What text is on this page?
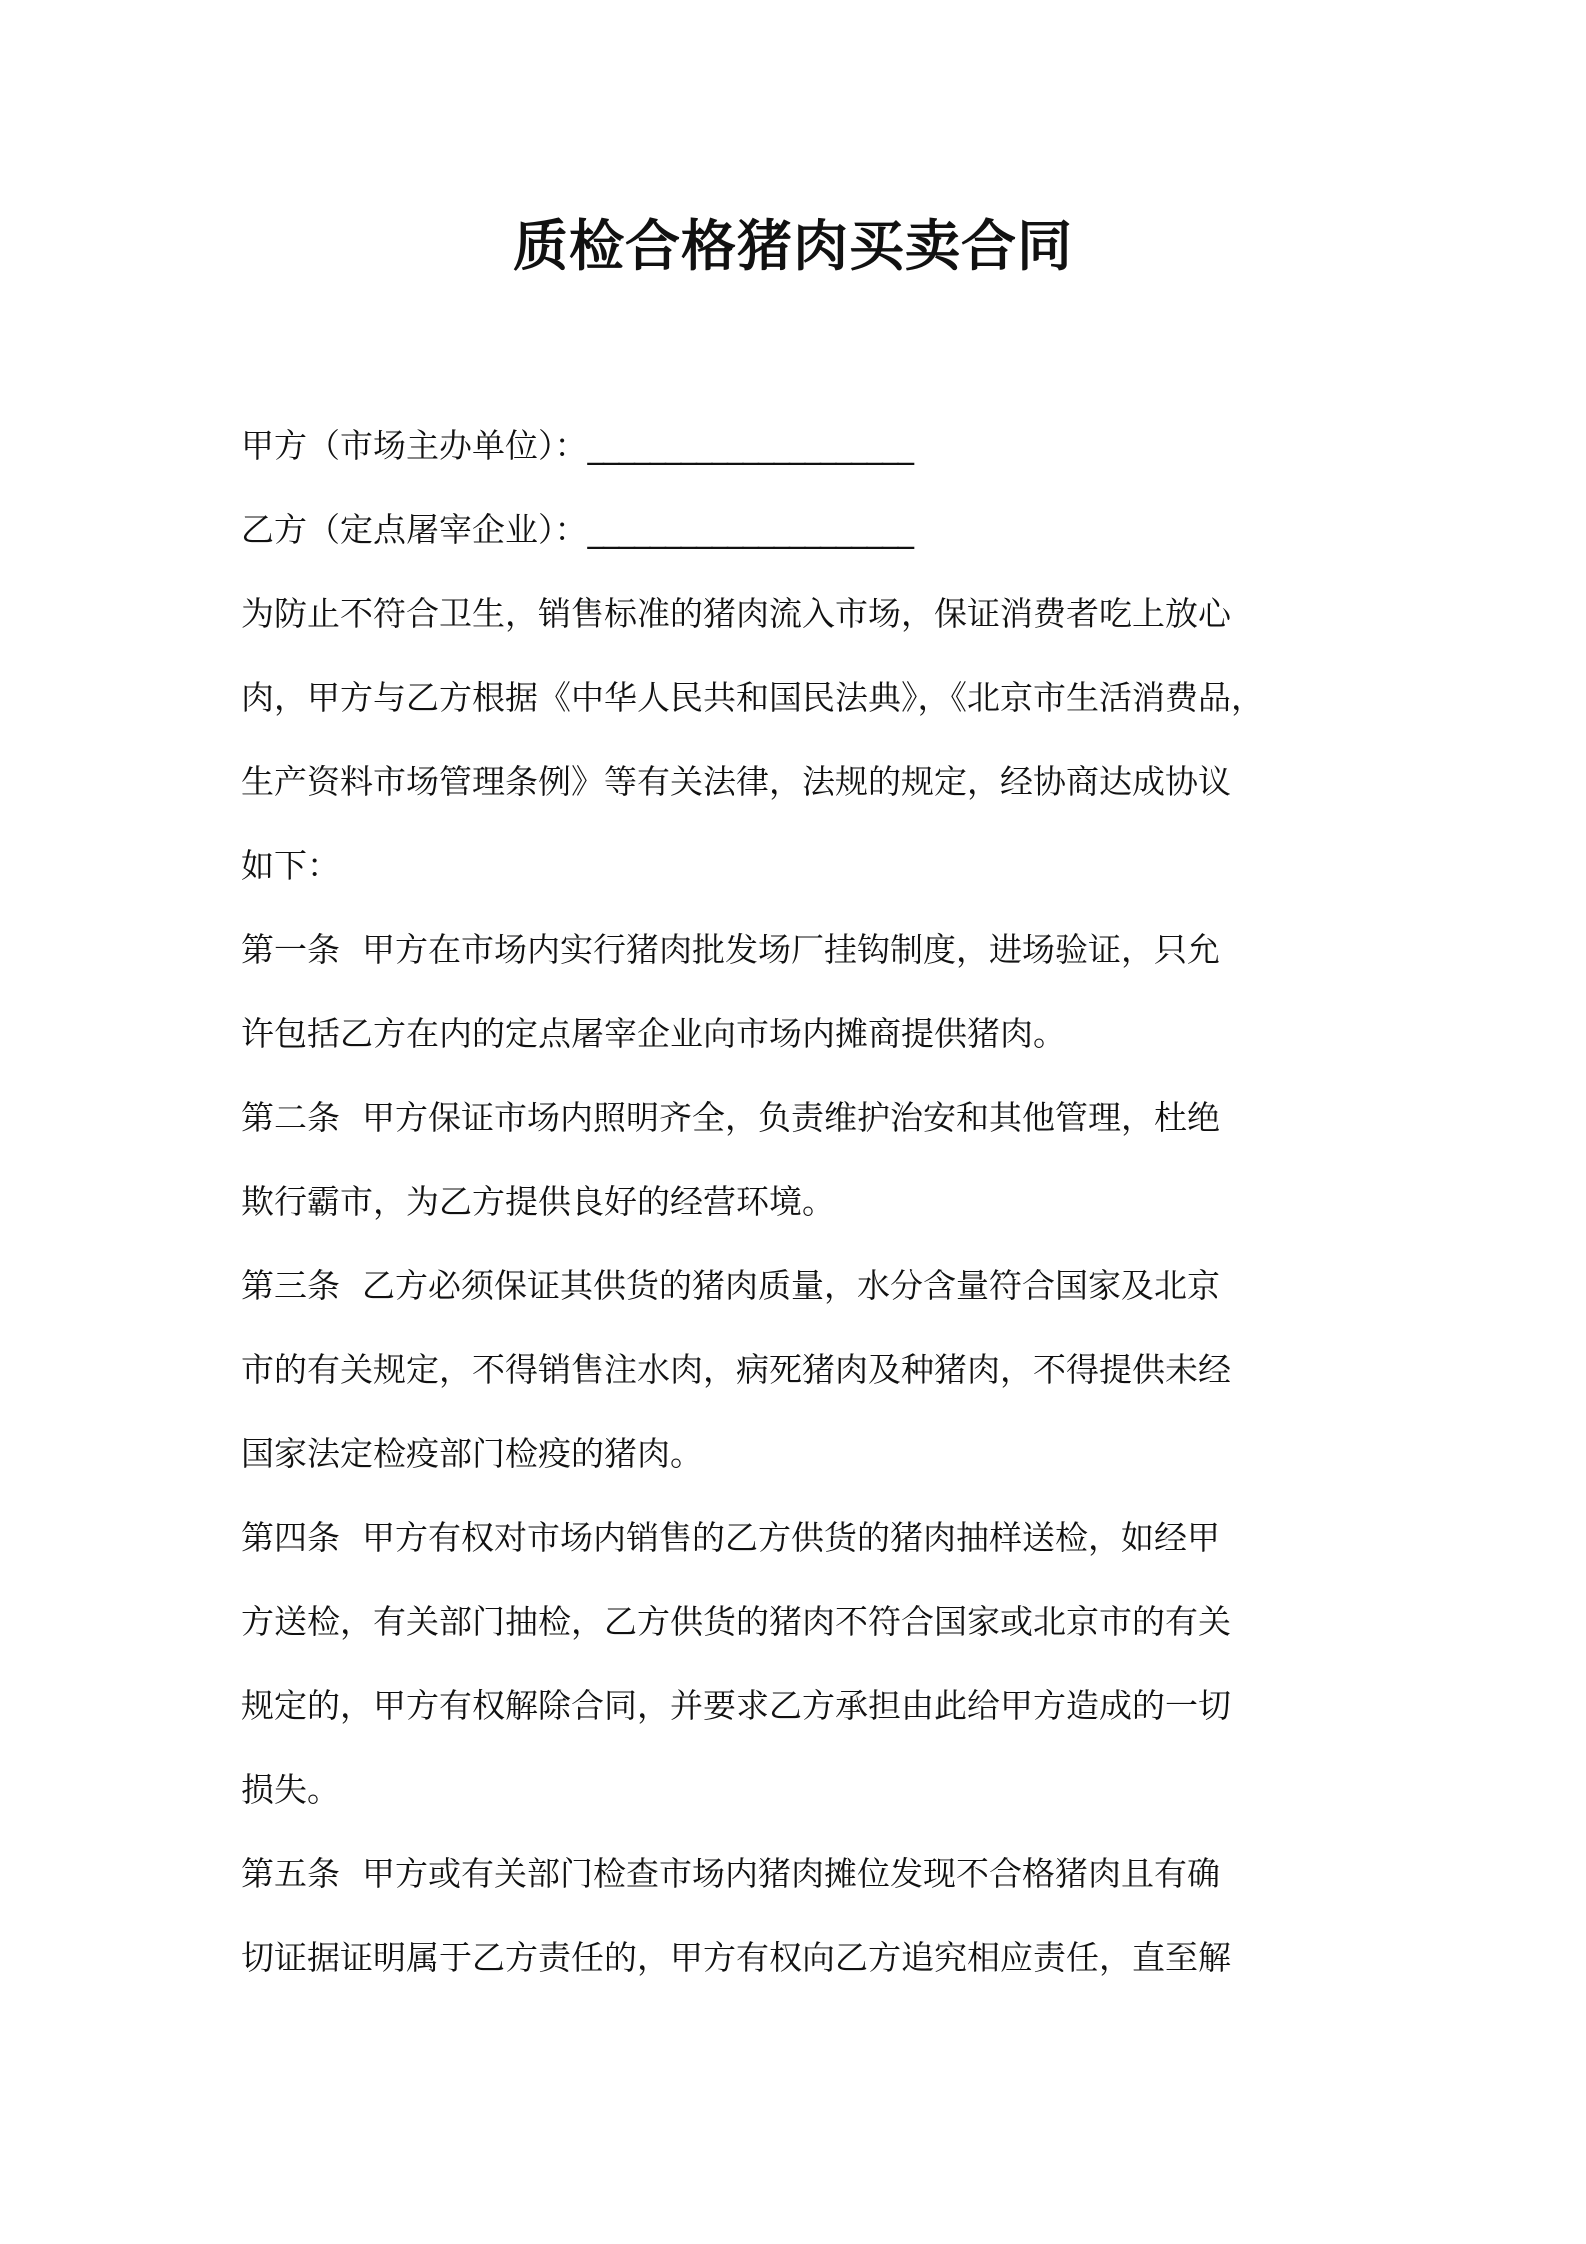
质检合格猪肉买卖合同
甲方（市场主办单位）：_____________________
乙方（定点屠宰企业）：_____________________
为防止不符合卫生，销售标准的猪肉流入市场，保证消费者吃上放心
肉，甲方与乙方根据《中华人民共和国民法典》，《北京市生活消费品，
生产资料市场管理条例》等有关法律，法规的规定，经协商达成协议
如下：
第一条 甲方在市场内实行猪肉批发场厂挂钩制度，进场验证，只允
许包括乙方在内的定点屠宰企业向市场内摊商提供猪肉。
第二条 甲方保证市场内照明齐全，负责维护治安和其他管理，杜绝
欺行霸市，为乙方提供良好的经营环境。
第三条 乙方必须保证其供货的猪肉质量，水分含量符合国家及北京
市的有关规定，不得销售注水肉，病死猪肉及种猪肉，不得提供未经
国家法定检疫部门检疫的猪肉。
第四条 甲方有权对市场内销售的乙方供货的猪肉抽样送检，如经甲
方送检，有关部门抽检，乙方供货的猪肉不符合国家或北京市的有关
规定的，甲方有权解除合同，并要求乙方承担由此给甲方造成的一切
损失。
第五条 甲方或有关部门检查市场内猪肉摊位发现不合格猪肉且有确
切证据证明属于乙方责任的，甲方有权向乙方追究相应责任，直至解
